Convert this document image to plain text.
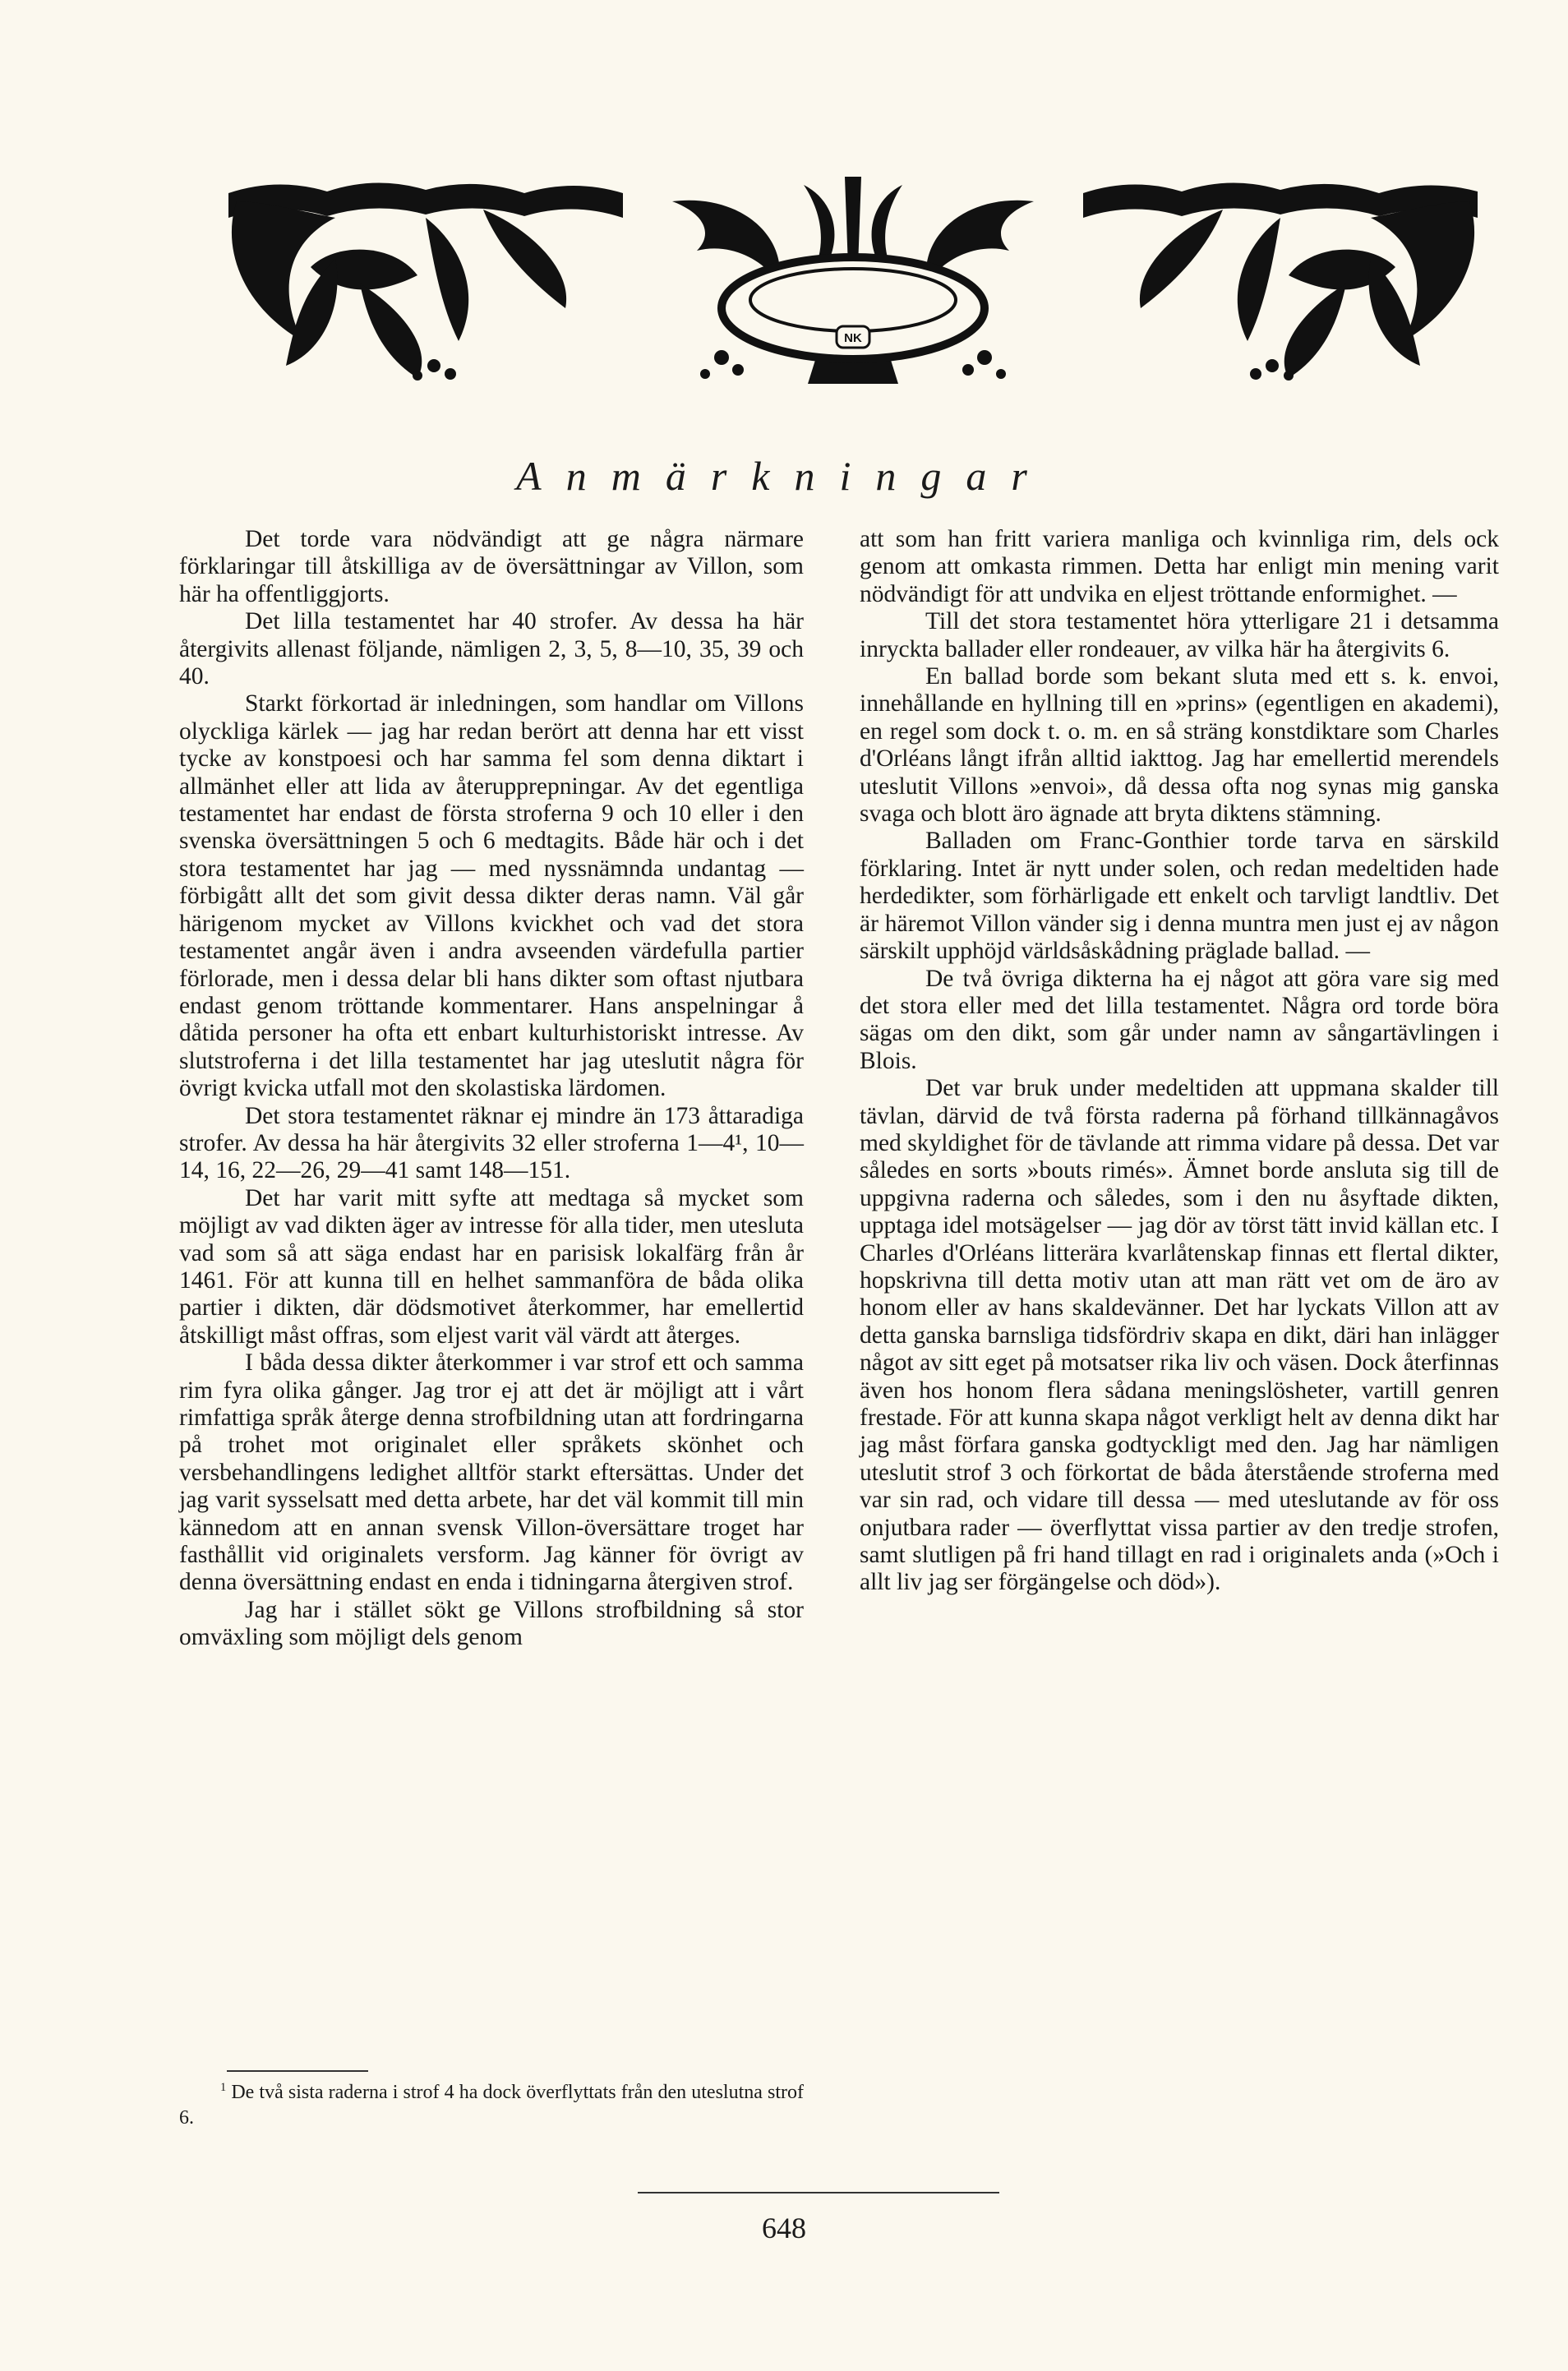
NK
Anmärkningar

Det torde vara nödvändigt att ge några närmare förklaringar till åtskilliga av de översättningar av Villon, som här ha offentliggjorts.

Det lilla testamentet har 40 strofer. Av dessa ha här återgivits allenast följande, nämligen 2, 3, 5, 8—10, 35, 39 och 40.

Starkt förkortad är inledningen, som handlar om Villons olyckliga kärlek — jag har redan berört att denna har ett visst tycke av konstpoesi och har samma fel som denna diktart i allmänhet eller att lida av återupprepningar. Av det egentliga testamentet har endast de första stroferna 9 och 10 eller i den svenska översättningen 5 och 6 medtagits. Både här och i det stora testamentet har jag — med nyssnämnda undantag — förbigått allt det som givit dessa dikter deras namn. Väl går härigenom mycket av Villons kvickhet och vad det stora testamentet angår även i andra avseenden värdefulla partier förlorade, men i dessa delar bli hans dikter som oftast njutbara endast genom tröttande kommentarer. Hans anspelningar å dåtida personer ha ofta ett enbart kulturhistoriskt intresse. Av slutstroferna i det lilla testamentet har jag uteslutit några för övrigt kvicka utfall mot den skolastiska lärdomen.

Det stora testamentet räknar ej mindre än 173 åttaradiga strofer. Av dessa ha här återgivits 32 eller stroferna 1—4¹, 10—14, 16, 22—26, 29—41 samt 148—151.

Det har varit mitt syfte att medtaga så mycket som möjligt av vad dikten äger av intresse för alla tider, men utesluta vad som så att säga endast har en parisisk lokalfärg från år 1461. För att kunna till en helhet sammanföra de båda olika partier i dikten, där dödsmotivet återkommer, har emellertid åtskilligt måst offras, som eljest varit väl värdt att återges.

I båda dessa dikter återkommer i var strof ett och samma rim fyra olika gånger. Jag tror ej att det är möjligt att i vårt rimfattiga språk återge denna strofbildning utan att fordringarna på trohet mot originalet eller språkets skönhet och versbehandlingens ledighet alltför starkt eftersättas. Under det jag varit sysselsatt med detta arbete, har det väl kommit till min kännedom att en annan svensk Villon-översättare troget har fasthållit vid originalets versform. Jag känner för övrigt av denna översättning endast en enda i tidningarna återgiven strof.

Jag har i stället sökt ge Villons strofbildning så stor omväxling som möjligt dels genom

att som han fritt variera manliga och kvinnliga rim, dels ock genom att omkasta rimmen. Detta har enligt min mening varit nödvändigt för att undvika en eljest tröttande enformighet. —

Till det stora testamentet höra ytterligare 21 i detsamma inryckta ballader eller rondeauer, av vilka här ha återgivits 6.

En ballad borde som bekant sluta med ett s. k. envoi, innehållande en hyllning till en »prins» (egentligen en akademi), en regel som dock t. o. m. en så sträng konstdiktare som Charles d'Orléans långt ifrån alltid iakttog. Jag har emellertid merendels uteslutit Villons »envoi», då dessa ofta nog synas mig ganska svaga och blott äro ägnade att bryta diktens stämning.

Balladen om Franc-Gonthier torde tarva en särskild förklaring. Intet är nytt under solen, och redan medeltiden hade herdedikter, som förhärligade ett enkelt och tarvligt landtliv. Det är häremot Villon vänder sig i denna muntra men just ej av någon särskilt upphöjd världsåskådning präglade ballad. —

De två övriga dikterna ha ej något att göra vare sig med det stora eller med det lilla testamentet. Några ord torde böra sägas om den dikt, som går under namn av sångartävlingen i Blois.

Det var bruk under medeltiden att uppmana skalder till tävlan, därvid de två första raderna på förhand tillkännagåvos med skyldighet för de tävlande att rimma vidare på dessa. Det var således en sorts »bouts rimés». Ämnet borde ansluta sig till de uppgivna raderna och således, som i den nu åsyftade dikten, upptaga idel motsägelser — jag dör av törst tätt invid källan etc. I Charles d'Orléans litterära kvarlåtenskap finnas ett flertal dikter, hopskrivna till detta motiv utan att man rätt vet om de äro av honom eller av hans skaldevänner. Det har lyckats Villon att av detta ganska barnsliga tidsfördriv skapa en dikt, däri han inlägger något av sitt eget på motsatser rika liv och väsen. Dock återfinnas även hos honom flera sådana meningslösheter, vartill genren frestade. För att kunna skapa något verkligt helt av denna dikt har jag måst förfara ganska godtyckligt med den. Jag har nämligen uteslutit strof 3 och förkortat de båda återstående stroferna med var sin rad, och vidare till dessa — med uteslutande av för oss onjutbara rader — överflyttat vissa partier av den tredje strofen, samt slutligen på fri hand tillagt en rad i originalets anda (»Och i allt liv jag ser förgängelse och död»).

$^1$ De två sista raderna i strof 4 ha dock överflyttats från den uteslutna strof 6.
648
